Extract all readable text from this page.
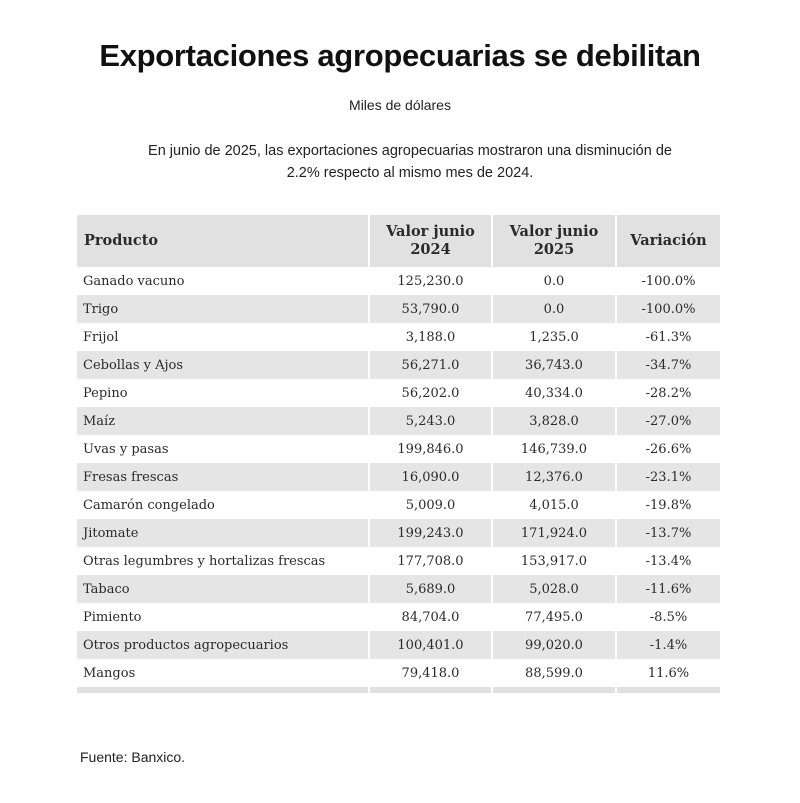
Exportaciones agropecuarias se debilitan
Miles de dólares
En junio de 2025, las exportaciones agropecuarias mostraron una disminución de 2.2% respecto al mismo mes de 2024.
Producto	Valor junio 2024	Valor junio 2025	Variación
Ganado vacuno	125,230.0	0.0	-100.0%
Trigo	53,790.0	0.0	-100.0%
Frijol	3,188.0	1,235.0	-61.3%
Cebollas y Ajos	56,271.0	36,743.0	-34.7%
Pepino	56,202.0	40,334.0	-28.2%
Maíz	5,243.0	3,828.0	-27.0%
Uvas y pasas	199,846.0	146,739.0	-26.6%
Fresas frescas	16,090.0	12,376.0	-23.1%
Camarón congelado	5,009.0	4,015.0	-19.8%
Jitomate	199,243.0	171,924.0	-13.7%
Otras legumbres y hortalizas frescas	177,708.0	153,917.0	-13.4%
Tabaco	5,689.0	5,028.0	-11.6%
Pimiento	84,704.0	77,495.0	-8.5%
Otros productos agropecuarios	100,401.0	99,020.0	-1.4%
Mangos	79,418.0	88,599.0	11.6%

Fuente: Banxico.
